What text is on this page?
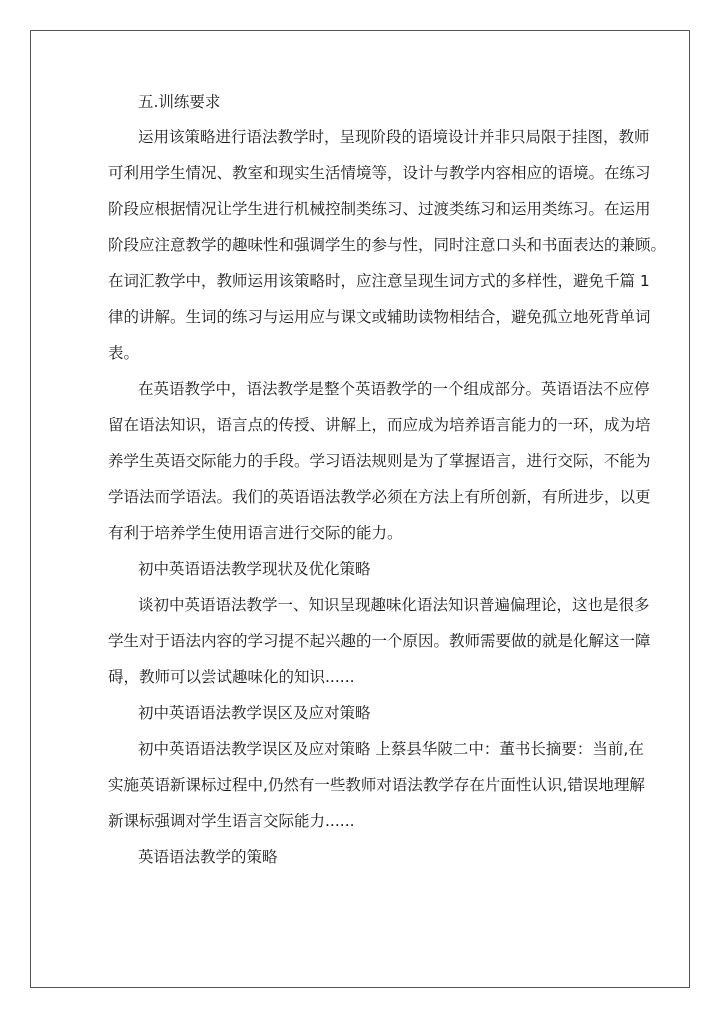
五.训练要求
运用该策略进行语法教学时，呈现阶段的语境设计并非只局限于挂图，教师
可利用学生情况、教室和现实生活情境等，设计与教学内容相应的语境。在练习
阶段应根据情况让学生进行机械控制类练习、过渡类练习和运用类练习。在运用
阶段应注意教学的趣味性和强调学生的参与性，同时注意口头和书面表达的兼顾。
在词汇教学中，教师运用该策略时，应注意呈现生词方式的多样性，避免千篇 1
律的讲解。生词的练习与运用应与课文或辅助读物相结合，避免孤立地死背单词
表。
在英语教学中，语法教学是整个英语教学的一个组成部分。英语语法不应停
留在语法知识，语言点的传授、讲解上，而应成为培养语言能力的一环，成为培
养学生英语交际能力的手段。学习语法规则是为了掌握语言，进行交际，不能为
学语法而学语法。我们的英语语法教学必须在方法上有所创新，有所进步，以更
有利于培养学生使用语言进行交际的能力。
初中英语语法教学现状及优化策略
谈初中英语语法教学一、知识呈现趣味化语法知识普遍偏理论，这也是很多
学生对于语法内容的学习提不起兴趣的一个原因。教师需要做的就是化解这一障
碍，教师可以尝试趣味化的知识......
初中英语语法教学误区及应对策略
初中英语语法教学误区及应对策略 上蔡县华陂二中：董书长摘要：当前,在
实施英语新课标过程中,仍然有一些教师对语法教学存在片面性认识,错误地理解
新课标强调对学生语言交际能力......
英语语法教学的策略
